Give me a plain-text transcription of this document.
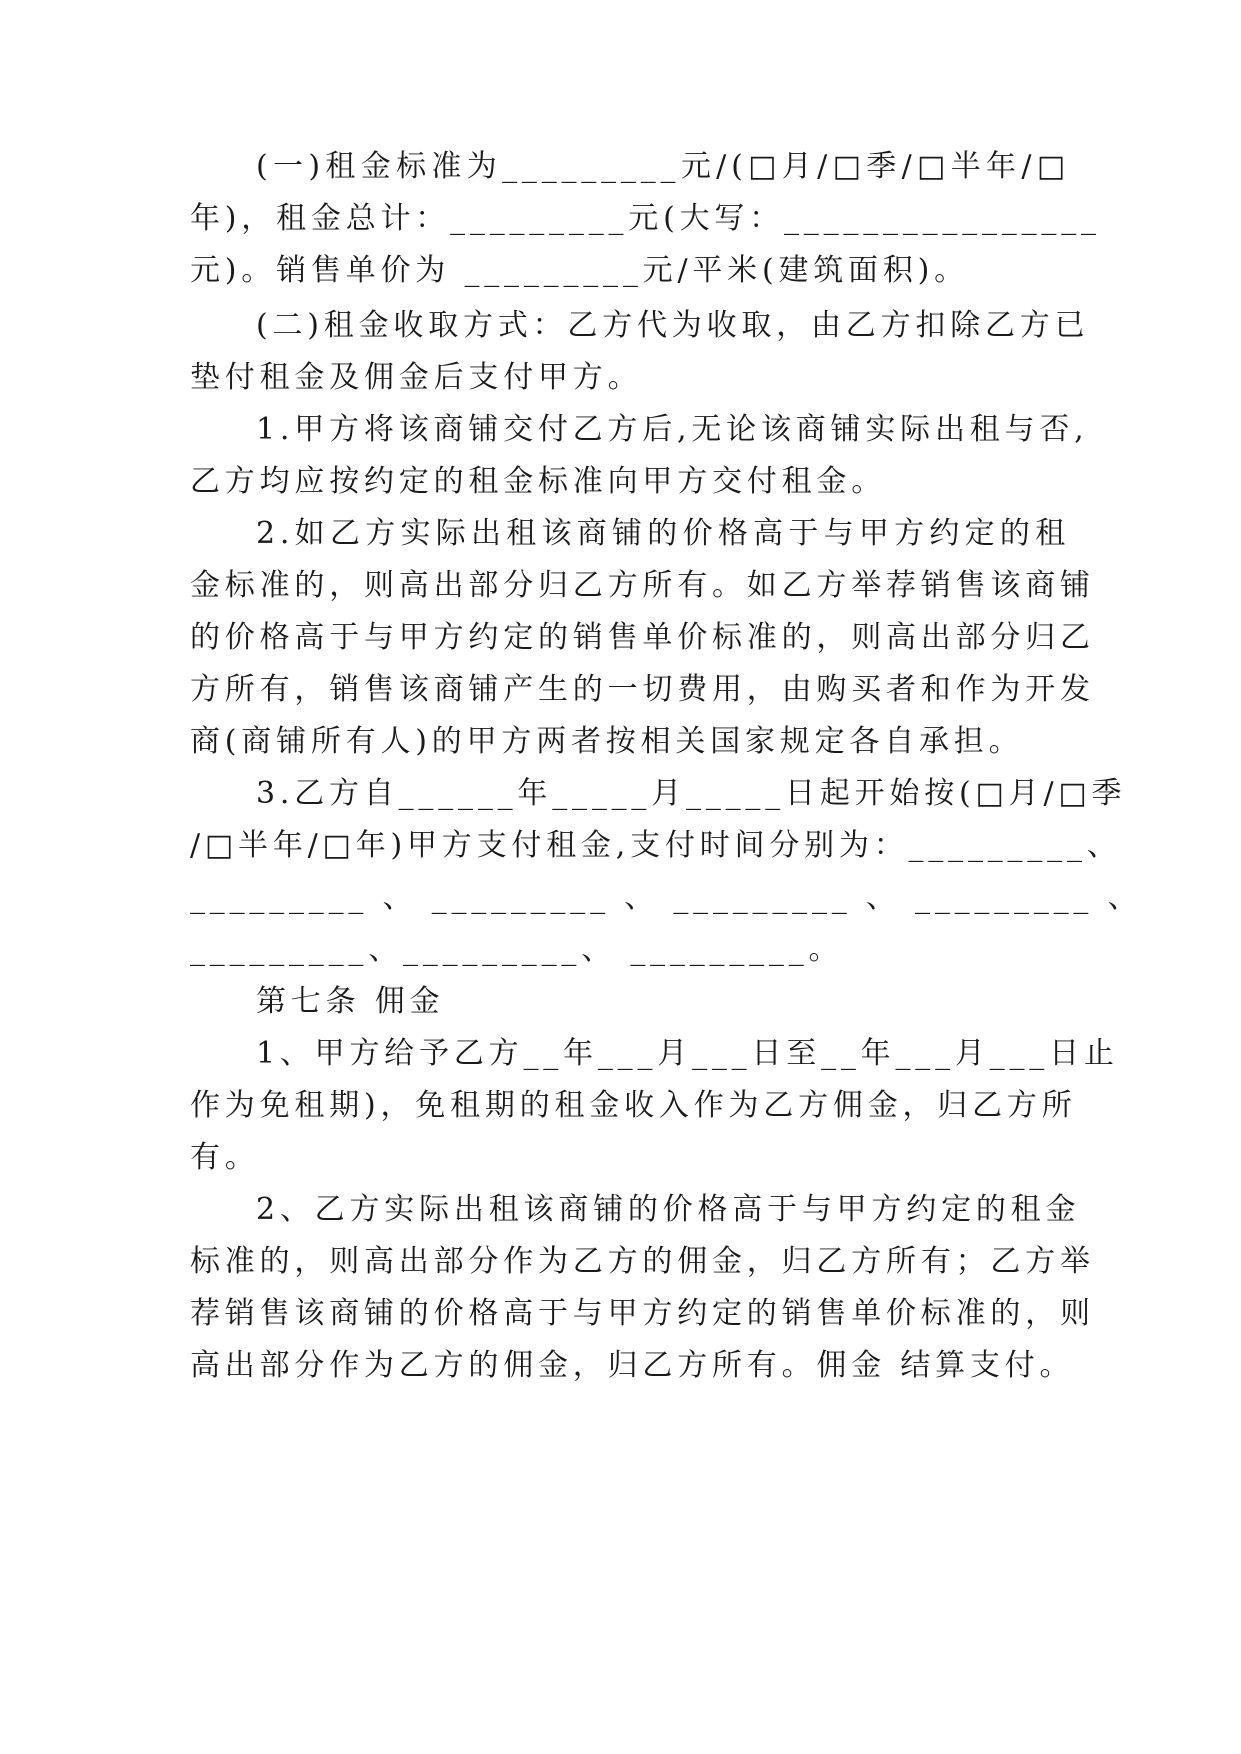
(一)租金标准为_________元/(□月/□季/□半年/□
年)，租金总计：_________元(大写：________________
元)。销售单价为 _________元/平米(建筑面积)。
(二)租金收取方式：乙方代为收取，由乙方扣除乙方已
垫付租金及佣金后支付甲方。
1.甲方将该商铺交付乙方后,无论该商铺实际出租与否,
乙方均应按约定的租金标准向甲方交付租金。
2.如乙方实际出租该商铺的价格高于与甲方约定的租
金标准的，则高出部分归乙方所有。如乙方举荐销售该商铺
的价格高于与甲方约定的销售单价标准的，则高出部分归乙
方所有，销售该商铺产生的一切费用，由购买者和作为开发
商(商铺所有人)的甲方两者按相关国家规定各自承担。
3.乙方自______年_____月_____日起开始按(□月/□季
/□半年/□年)甲方支付租金,支付时间分别为：_________、
_________ 、 _________ 、 _________ 、 _________ 、
_________、_________、 _________。
第七条 佣金
1、甲方给予乙方__年___月___日至__年___月___日止
作为免租期)，免租期的租金收入作为乙方佣金，归乙方所
有。
2、乙方实际出租该商铺的价格高于与甲方约定的租金
标准的，则高出部分作为乙方的佣金，归乙方所有；乙方举
荐销售该商铺的价格高于与甲方约定的销售单价标准的，则
高出部分作为乙方的佣金，归乙方所有。佣金 结算支付。
